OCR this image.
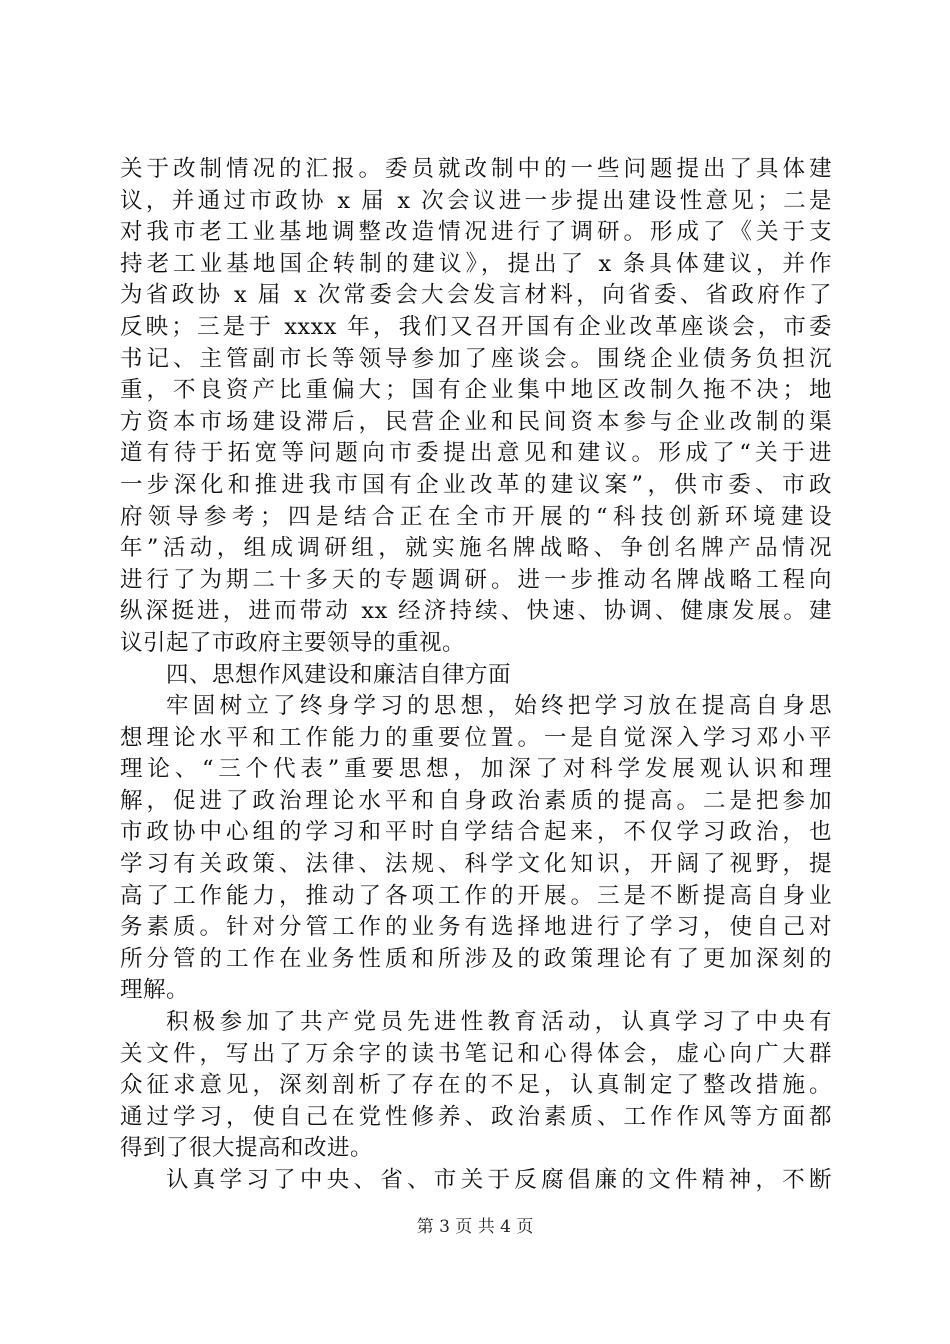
关于改制情况的汇报。委员就改制中的一些问题提出了具体建
议，并通过市政协 x 届 x 次会议进一步提出建设性意见；二是
对我市老工业基地调整改造情况进行了调研。形成了《关于支
持老工业基地国企转制的建议》，提出了 x 条具体建议，并作
为省政协 x 届 x 次常委会大会发言材料，向省委、省政府作了
反映；三是于 xxxx 年，我们又召开国有企业改革座谈会，市委
书记、主管副市长等领导参加了座谈会。围绕企业债务负担沉
重，不良资产比重偏大；国有企业集中地区改制久拖不决；地
方资本市场建设滞后，民营企业和民间资本参与企业改制的渠
道有待于拓宽等问题向市委提出意见和建议。形成了“关于进
一步深化和推进我市国有企业改革的建议案”，供市委、市政
府领导参考；四是结合正在全市开展的“科技创新环境建设
年”活动，组成调研组，就实施名牌战略、争创名牌产品情况
进行了为期二十多天的专题调研。进一步推动名牌战略工程向
纵深挺进，进而带动 xx 经济持续、快速、协调、健康发展。建
议引起了市政府主要领导的重视。
四、思想作风建设和廉洁自律方面
牢固树立了终身学习的思想，始终把学习放在提高自身思
想理论水平和工作能力的重要位置。一是自觉深入学习邓小平
理论、“三个代表”重要思想，加深了对科学发展观认识和理
解，促进了政治理论水平和自身政治素质的提高。二是把参加
市政协中心组的学习和平时自学结合起来，不仅学习政治，也
学习有关政策、法律、法规、科学文化知识，开阔了视野，提
高了工作能力，推动了各项工作的开展。三是不断提高自身业
务素质。针对分管工作的业务有选择地进行了学习，使自己对
所分管的工作在业务性质和所涉及的政策理论有了更加深刻的
理解。
积极参加了共产党员先进性教育活动，认真学习了中央有
关文件，写出了万余字的读书笔记和心得体会，虚心向广大群
众征求意见，深刻剖析了存在的不足，认真制定了整改措施。
通过学习，使自己在党性修养、政治素质、工作作风等方面都
得到了很大提高和改进。
认真学习了中央、省、市关于反腐倡廉的文件精神，不断
第 3 页 共 4 页
